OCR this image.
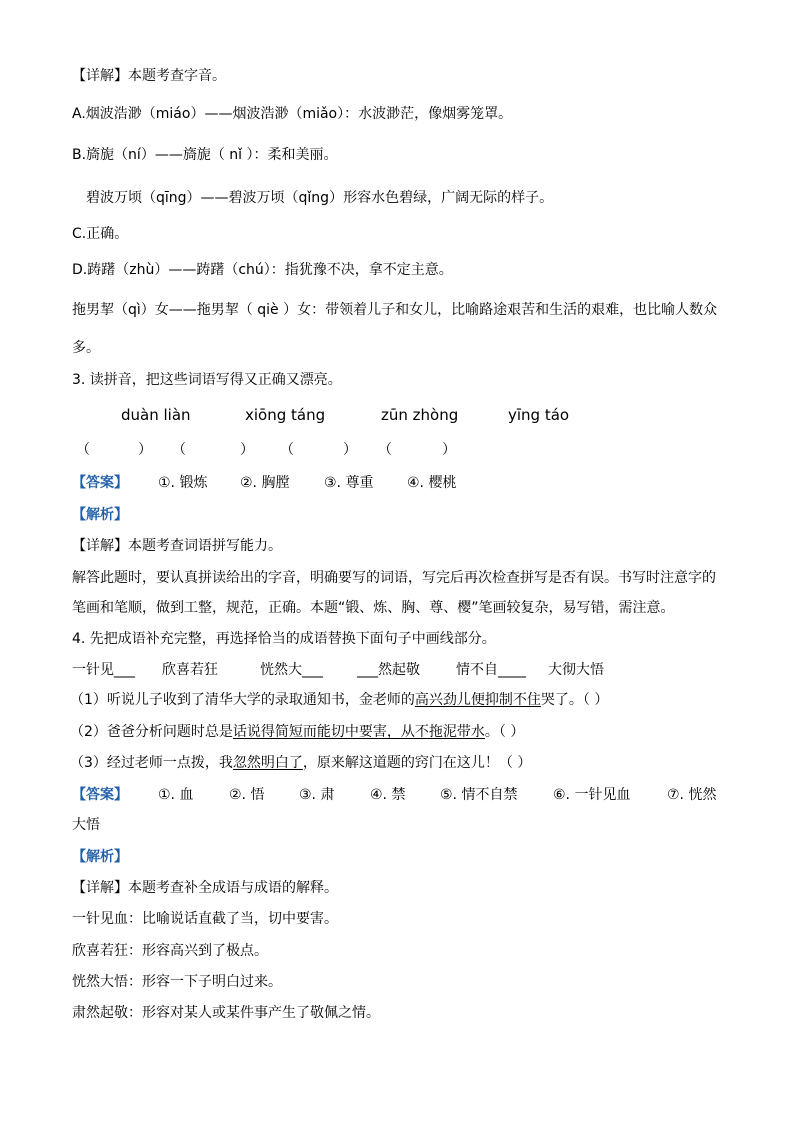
【详解】本题考查字音。
A.烟波浩渺（miáo）——烟波浩渺（miǎo）：水波渺茫，像烟雾笼罩。
B.旖旎（ní）——旖旎（ nǐ ）：柔和美丽。
碧波万顷（qīng）——碧波万顷（qǐng）形容水色碧绿，广阔无际的样子。
C.正确。
D.踌躇（zhù）——踌躇（chú）：指犹豫不决，拿不定主意。
拖男挈（qì）女——拖男挈（ qiè ）女：带领着儿子和女儿，比喻路途艰苦和生活的艰难，也比喻人数众
多。
3. 读拼音，把这些词语写得又正确又漂亮。
duàn liàn	xiōng táng	zūn zhòng	yīng táo
（	） （	） （	） （	）
【答案】 ①. 锻炼 ②. 胸膛 ③. 尊重 ④. 樱桃
【解析】
【详解】本题考查词语拼写能力。
解答此题时，要认真拼读给出的字音，明确要写的词语，写完后再次检查拼写是否有误。书写时注意字的
笔画和笔顺，做到工整，规范，正确。本题“锻、炼、胸、尊、樱”笔画较复杂，易写错，需注意。
4. 先把成语补充完整，再选择恰当的成语替换下面句子中画线部分。
一针见___ 欣喜若狂	恍然大___ ___然起敬	情不自____ 大彻大悟
（1）听说儿子收到了清华大学的录取通知书，金老师的高兴劲儿便抑制不住哭了。（ ）
（2）爸爸分析问题时总是话说得简短而能切中要害，从不拖泥带水。（ ）
（3）经过老师一点拨，我忽然明白了，原来解这道题的窍门在这儿！（ ）
【答案】 ①. 血	②. 悟 ③. 肃	④. 禁 ⑤. 情不自禁	⑥. 一针见血	⑦. 恍然
大悟
【解析】
【详解】本题考查补全成语与成语的解释。
一针见血：比喻说话直截了当，切中要害。
欣喜若狂：形容高兴到了极点。
恍然大悟：形容一下子明白过来。
肃然起敬：形容对某人或某件事产生了敬佩之情。
